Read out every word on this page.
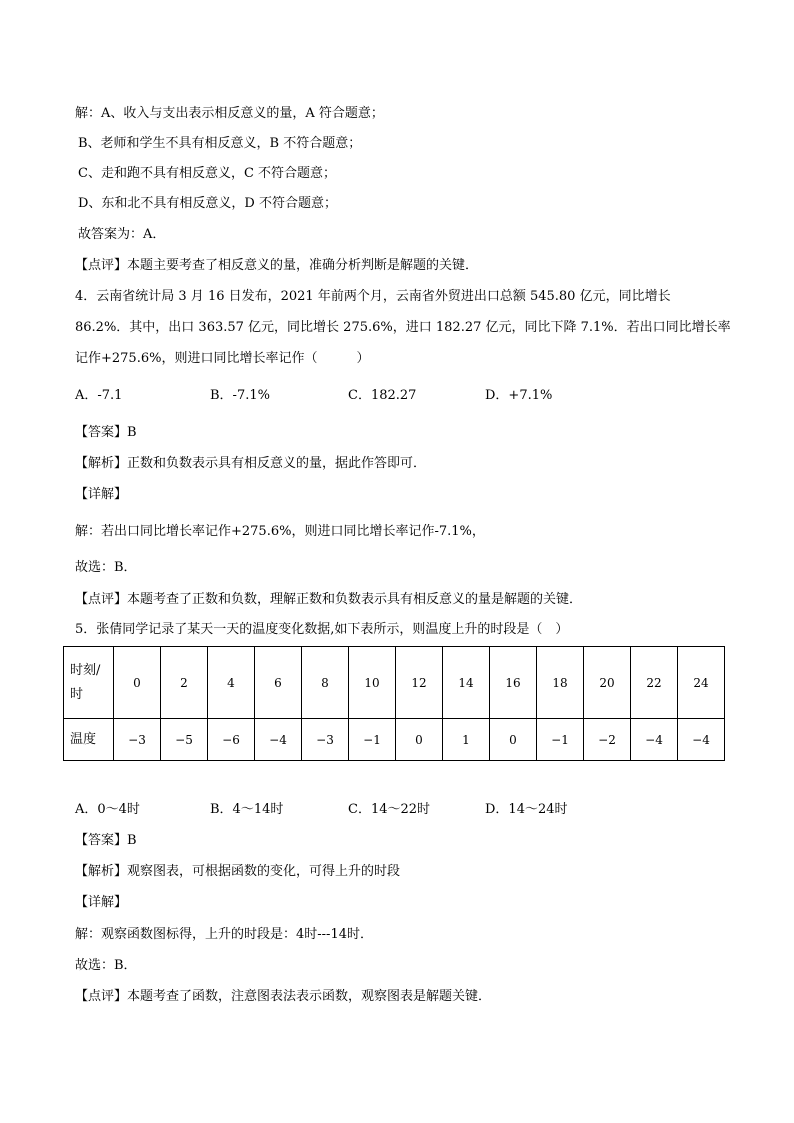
解：A、收入与支出表示相反意义的量，A 符合题意；
B、老师和学生不具有相反意义，B 不符合题意；
C、走和跑不具有相反意义，C 不符合题意；
D、东和北不具有相反意义，D 不符合题意；
故答案为：A．
【点评】本题主要考查了相反意义的量，准确分析判断是解题的关键．
4．云南省统计局 3 月 16 日发布，2021 年前两个月，云南省外贸进出口总额 545.80 亿元，同比增长
86.2%．其中，出口 363.57 亿元，同比增长 275.6%，进口 182.27 亿元，同比下降 7.1%．若出口同比增长率
记作+275.6%，则进口同比增长率记作（　　　）
A．-7.1	B．-7.1%	C．182.27	D．+7.1%
【答案】B
【解析】正数和负数表示具有相反意义的量，据此作答即可．
【详解】
解：若出口同比增长率记作+275.6%，则进口同比增长率记作-7.1%，
故选：B．
【点评】本题考查了正数和负数，理解正数和负数表示具有相反意义的量是解题的关键．
5．张倩同学记录了某天一天的温度变化数据,如下表所示，则温度上升的时段是（　）
时刻/
时	0	2	4	6	8	10	12	14	16	18	20	22	24
温度	−3	−5	−6	−4	−3	−1	0	1	0	−1	−2	−4	−4
A．0～4时	B．4～14时	C．14～22时	D．14～24时
【答案】B
【解析】观察图表，可根据函数的变化，可得上升的时段
【详解】
解：观察函数图标得，上升的时段是：4时---14时．
故选：B．
【点评】本题考查了函数，注意图表法表示函数，观察图表是解题关键．
